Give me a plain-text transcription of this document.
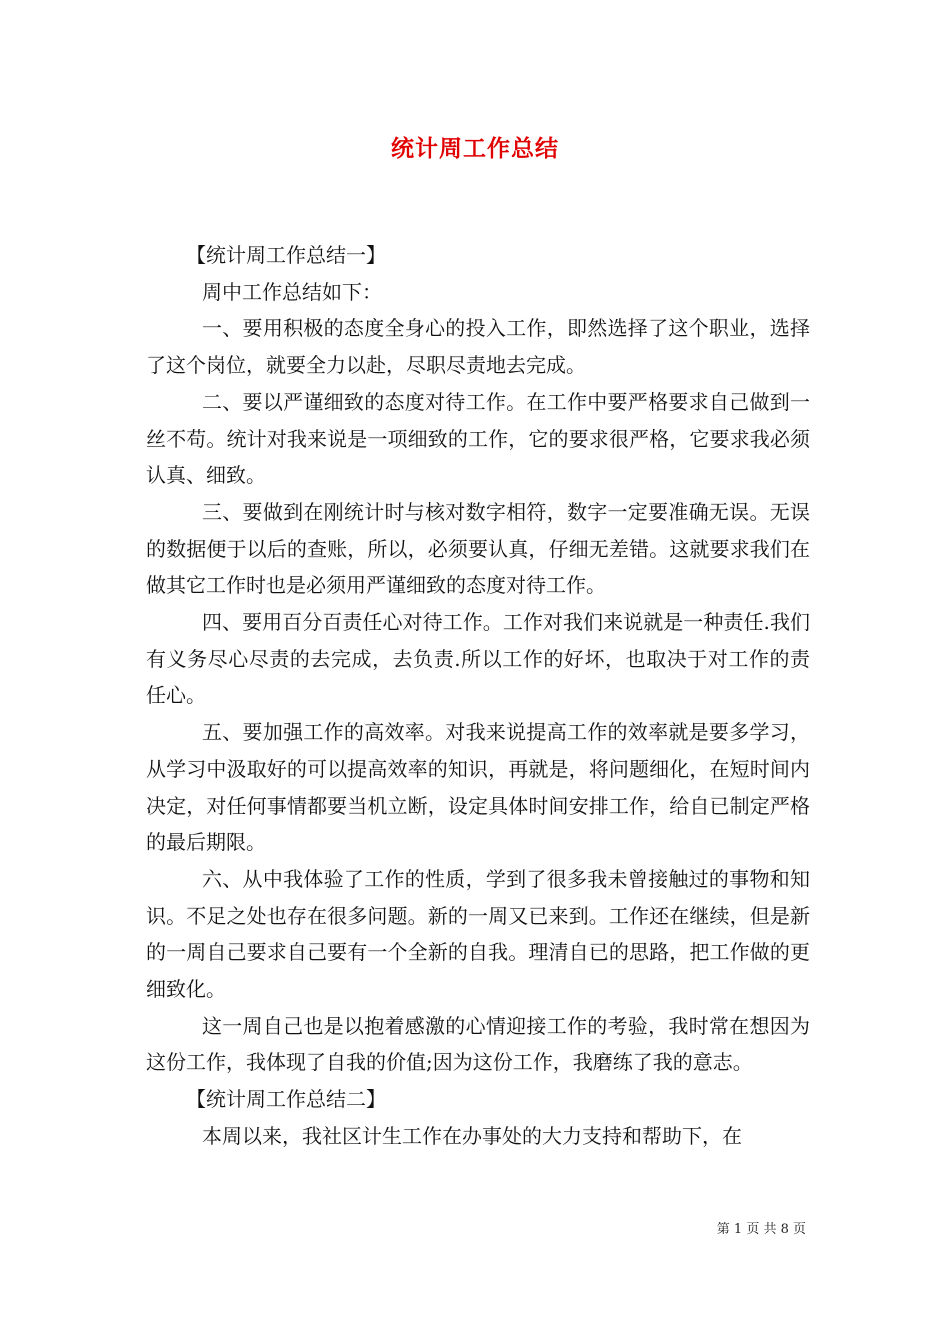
统计周工作总结

【统计周工作总结一】

周中工作总结如下：

一、要用积极的态度全身心的投入工作，即然选择了这个职业，选择了这个岗位，就要全力以赴，尽职尽责地去完成。

二、要以严谨细致的态度对待工作。在工作中要严格要求自己做到一丝不苟。统计对我来说是一项细致的工作，它的要求很严格，它要求我必须认真、细致。

三、要做到在刚统计时与核对数字相符，数字一定要准确无误。无误的数据便于以后的查账，所以，必须要认真，仔细无差错。这就要求我们在做其它工作时也是必须用严谨细致的态度对待工作。

四、要用百分百责任心对待工作。工作对我们来说就是一种责任.我们有义务尽心尽责的去完成，去负责.所以工作的好坏，也取决于对工作的责任心。

五、要加强工作的高效率。对我来说提高工作的效率就是要多学习，从学习中汲取好的可以提高效率的知识，再就是，将问题细化，在短时间内决定，对任何事情都要当机立断，设定具体时间安排工作，给自已制定严格的最后期限。

六、从中我体验了工作的性质，学到了很多我未曾接触过的事物和知识。不足之处也存在很多问题。新的一周又已来到。工作还在继续，但是新的一周自己要求自己要有一个全新的自我。理清自已的思路，把工作做的更细致化。

这一周自己也是以抱着感激的心情迎接工作的考验，我时常在想因为这份工作，我体现了自我的价值;因为这份工作，我磨练了我的意志。

【统计周工作总结二】

本周以来，我社区计生工作在办事处的大力支持和帮助下，在

第 1 页 共 8 页
